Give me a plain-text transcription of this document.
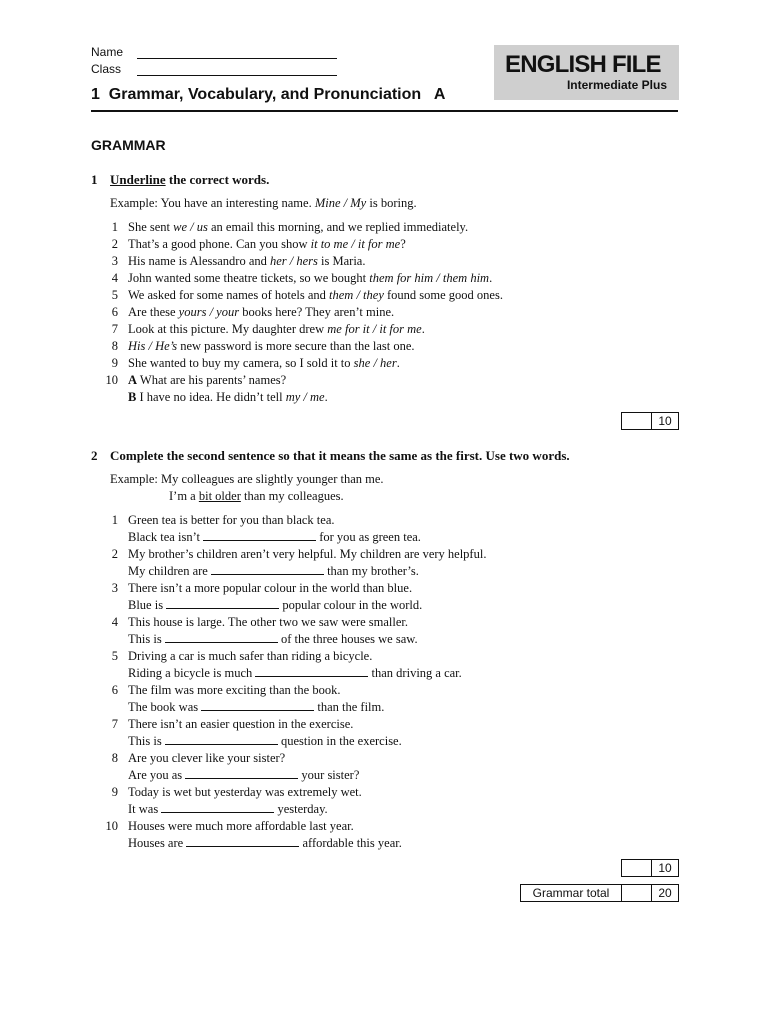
Name
Class	ENGLISH FILE
Intermediate Plus
1  Grammar, Vocabulary, and Pronunciation   A
GRAMMAR
1 Underline the correct words.
Example: You have an interesting name. Mine / My is boring.
1 She sent we / us an email this morning, and we replied immediately.
2 That’s a good phone. Can you show it to me / it for me?
3 His name is Alessandro and her / hers is Maria.
4 John wanted some theatre tickets, so we bought them for him / them him.
5 We asked for some names of hotels and them / they found some good ones.
6 Are these yours / your books here? They aren’t mine.
7 Look at this picture. My daughter drew me for it / it for me.
8 His / He’s new password is more secure than the last one.
9 She wanted to buy my camera, so I sold it to she / her.
10 A What are his parents’ names?
B I have no idea. He didn’t tell my / me.
10
2 Complete the second sentence so that it means the same as the first. Use two words.
Example: My colleagues are slightly younger than me.
I’m a bit older than my colleagues.
1 Green tea is better for you than black tea.
Black tea isn’t	for you as green tea.
2 My brother’s children aren’t very helpful. My children are very helpful.
My children are	than my brother’s.
3 There isn’t a more popular colour in the world than blue.
Blue is	popular colour in the world.
4 This house is large. The other two we saw were smaller.
This is	of the three houses we saw.
5 Driving a car is much safer than riding a bicycle.
Riding a bicycle is much	than driving a car.
6 The film was more exciting than the book.
The book was	than the film.
7 There isn’t an easier question in the exercise.
This is	question in the exercise.
8 Are you clever like your sister?
Are you as	your sister?
9 Today is wet but yesterday was extremely wet.
It was	yesterday.
10 Houses were much more affordable last year.
Houses are	affordable this year.
10
Grammar total	20
